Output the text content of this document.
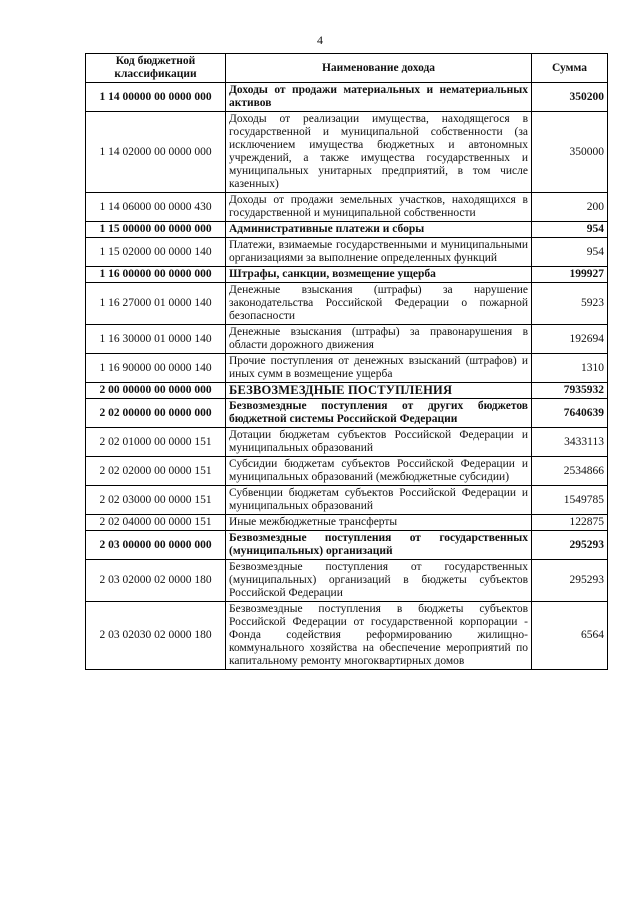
4
Код бюджетной классификации	Наименование дохода	Сумма
1 14 00000 00 0000 000	Доходы от продажи материальных и нематериальных активов	350200
1 14 02000 00 0000 000	Доходы от реализации имущества, находящегося в государственной и муниципальной собственности (за исключением имущества бюджетных и автономных учреждений, а также имущества государственных и муниципальных унитарных предприятий, в том числе казенных)	350000
1 14 06000 00 0000 430	Доходы от продажи земельных участков, находящихся в государственной и муниципальной собственности	200
1 15 00000 00 0000 000	Административные платежи и сборы	954
1 15 02000 00 0000 140	Платежи, взимаемые государственными и муниципальными организациями за выполнение определенных функций	954
1 16 00000 00 0000 000	Штрафы, санкции, возмещение ущерба	199927
1 16 27000 01 0000 140	Денежные взыскания (штрафы) за нарушение законодательства Российской Федерации о пожарной безопасности	5923
1 16 30000 01 0000 140	Денежные взыскания (штрафы) за правонарушения в области дорожного движения	192694
1 16 90000 00 0000 140	Прочие поступления от денежных взысканий (штрафов) и иных сумм в возмещение ущерба	1310
2 00 00000 00 0000 000	БЕЗВОЗМЕЗДНЫЕ ПОСТУПЛЕНИЯ	7935932
2 02 00000 00 0000 000	Безвозмездные поступления от других бюджетов бюджетной системы Российской Федерации	7640639
2 02 01000 00 0000 151	Дотации бюджетам субъектов Российской Федерации и муниципальных образований	3433113
2 02 02000 00 0000 151	Субсидии бюджетам субъектов Российской Федерации и муниципальных образований (межбюджетные субсидии)	2534866
2 02 03000 00 0000 151	Субвенции бюджетам субъектов Российской Федерации и муниципальных образований	1549785
2 02 04000 00 0000 151	Иные межбюджетные трансферты	122875
2 03 00000 00 0000 000	Безвозмездные поступления от государственных (муниципальных) организаций	295293
2 03 02000 02 0000 180	Безвозмездные поступления от государственных (муниципальных) организаций в бюджеты субъектов Российской Федерации	295293
2 03 02030 02 0000 180	Безвозмездные поступления в бюджеты субъектов Российской Федерации от государственной корпорации - Фонда содействия реформированию жилищно-коммунального хозяйства на обеспечение мероприятий по капитальному ремонту многоквартирных домов	6564
